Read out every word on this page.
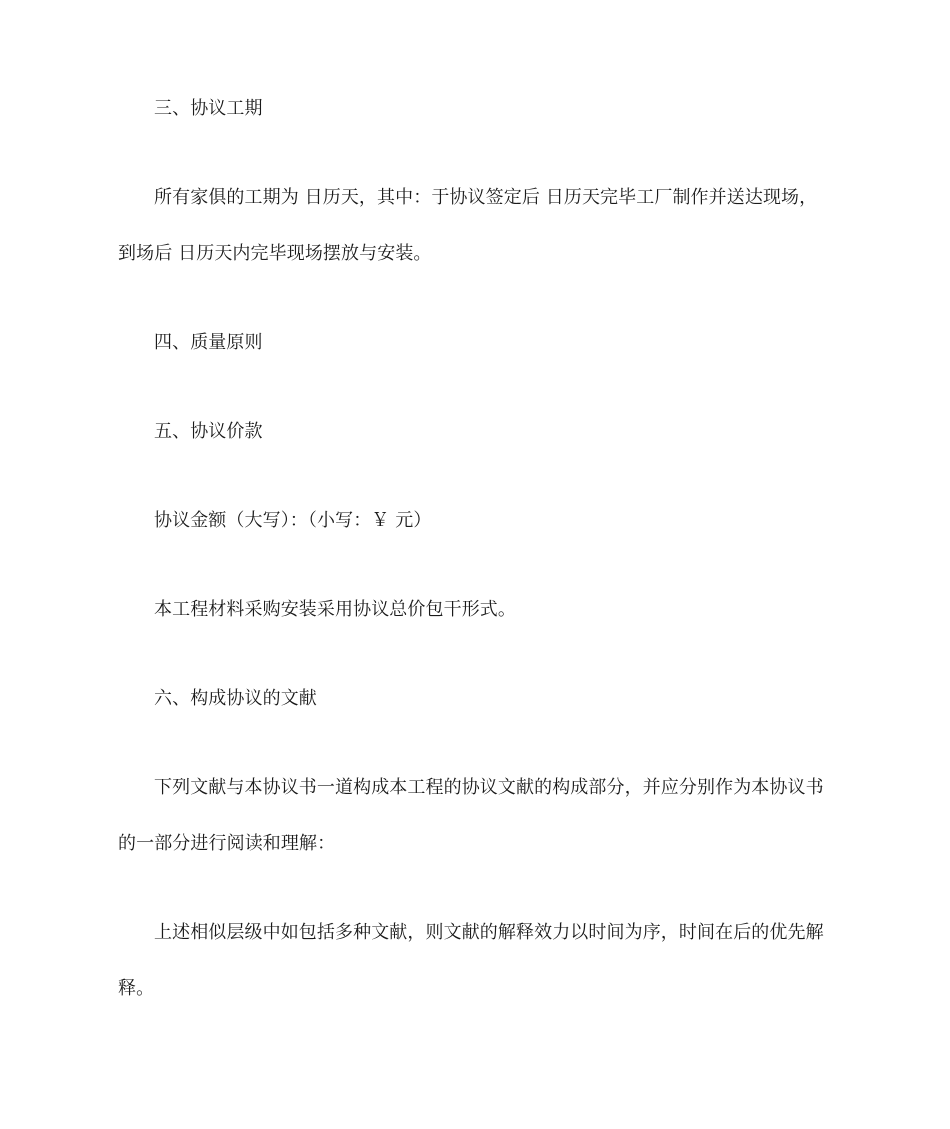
三、协议工期
所有家俱的工期为 日历天，其中：于协议签定后 日历天完毕工厂制作并送达现场，
到场后 日历天内完毕现场摆放与安装。
四、质量原则
五、协议价款
协议金额（大写）：（小写：￥ 元）
本工程材料采购安装采用协议总价包干形式。
六、构成协议的文献
下列文献与本协议书一道构成本工程的协议文献的构成部分，并应分别作为本协议书
的一部分进行阅读和理解：
上述相似层级中如包括多种文献，则文献的解释效力以时间为序，时间在后的优先解
释。
